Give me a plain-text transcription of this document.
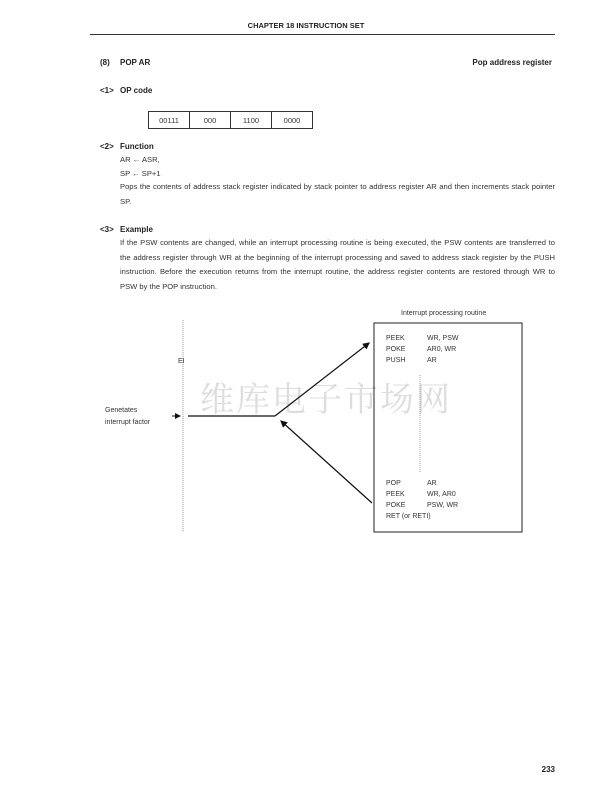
CHAPTER 18 INSTRUCTION SET
(8) POP AR	Pop address register
<1> OP code
00111	000	1100	0000
<2> Function
AR ← ASR,
SP ← SP+1
Pops the contents of address stack register indicated by stack pointer to address register AR and then increments stack pointer SP.
<3> Example
If the PSW contents are changed, while an interrupt processing routine is being executed, the PSW contents are transferred to the address register through WR at the beginning of the interrupt processing and saved to address stack register by the PUSH instruction. Before the execution returns from the interrupt routine, the address register contents are restored through WR to PSW by the POP instruction.
维库电子市场网
EI
Genetates
interrupt factor
Interrupt processing routine
PEEK	WR, PSW
POKE	AR0, WR
PUSH	AR
POP	AR
PEEK	WR, AR0
POKE	PSW, WR
RET (or RETI)
233
